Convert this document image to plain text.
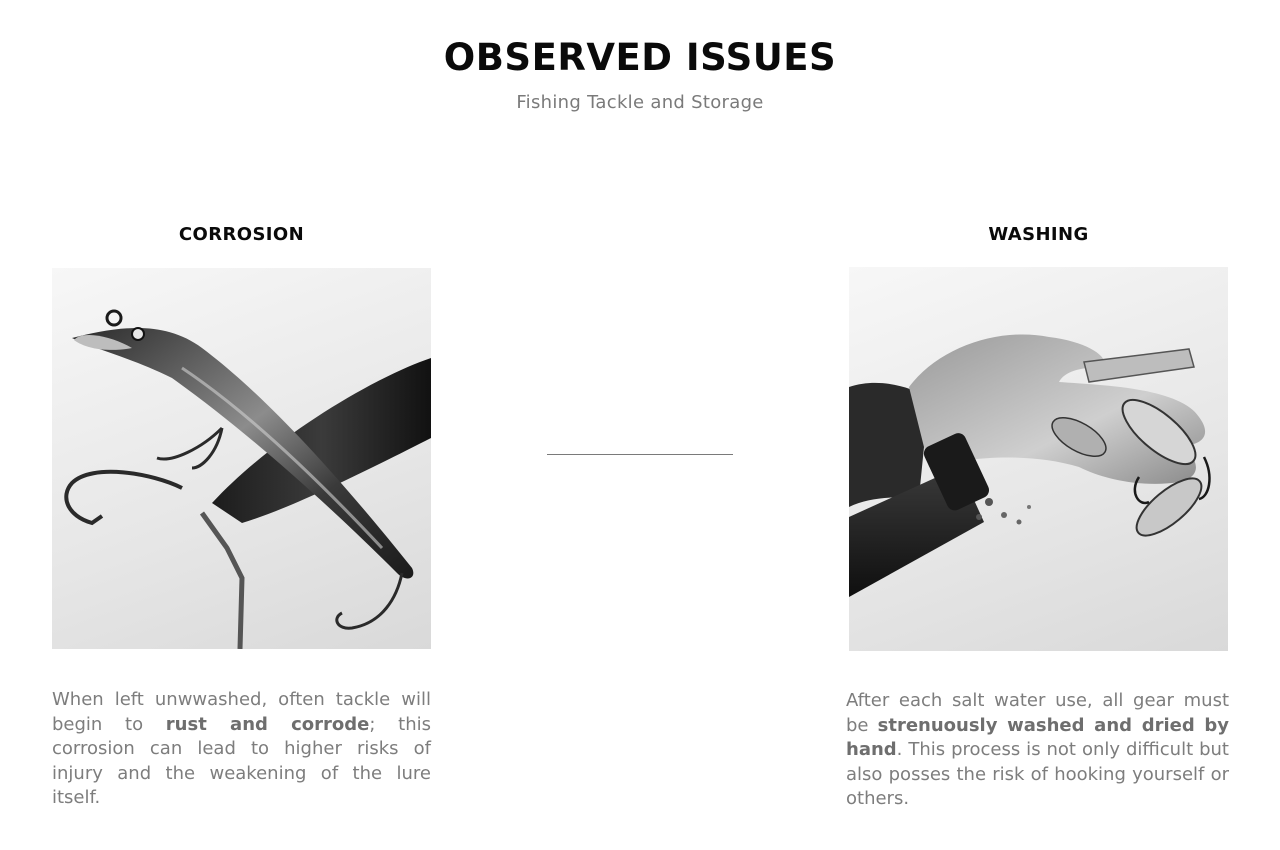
OBSERVED ISSUES
Fishing Tackle and Storage
CORROSION
When left unwwashed, often tackle will begin to rust and corrode; this corrosion can lead to higher risks of injury and the weakening of the lure itself.
WASHING
After each salt water use, all gear must be strenuously washed and dried by hand. This process is not only difficult but also posses the risk of hooking yourself or others.
